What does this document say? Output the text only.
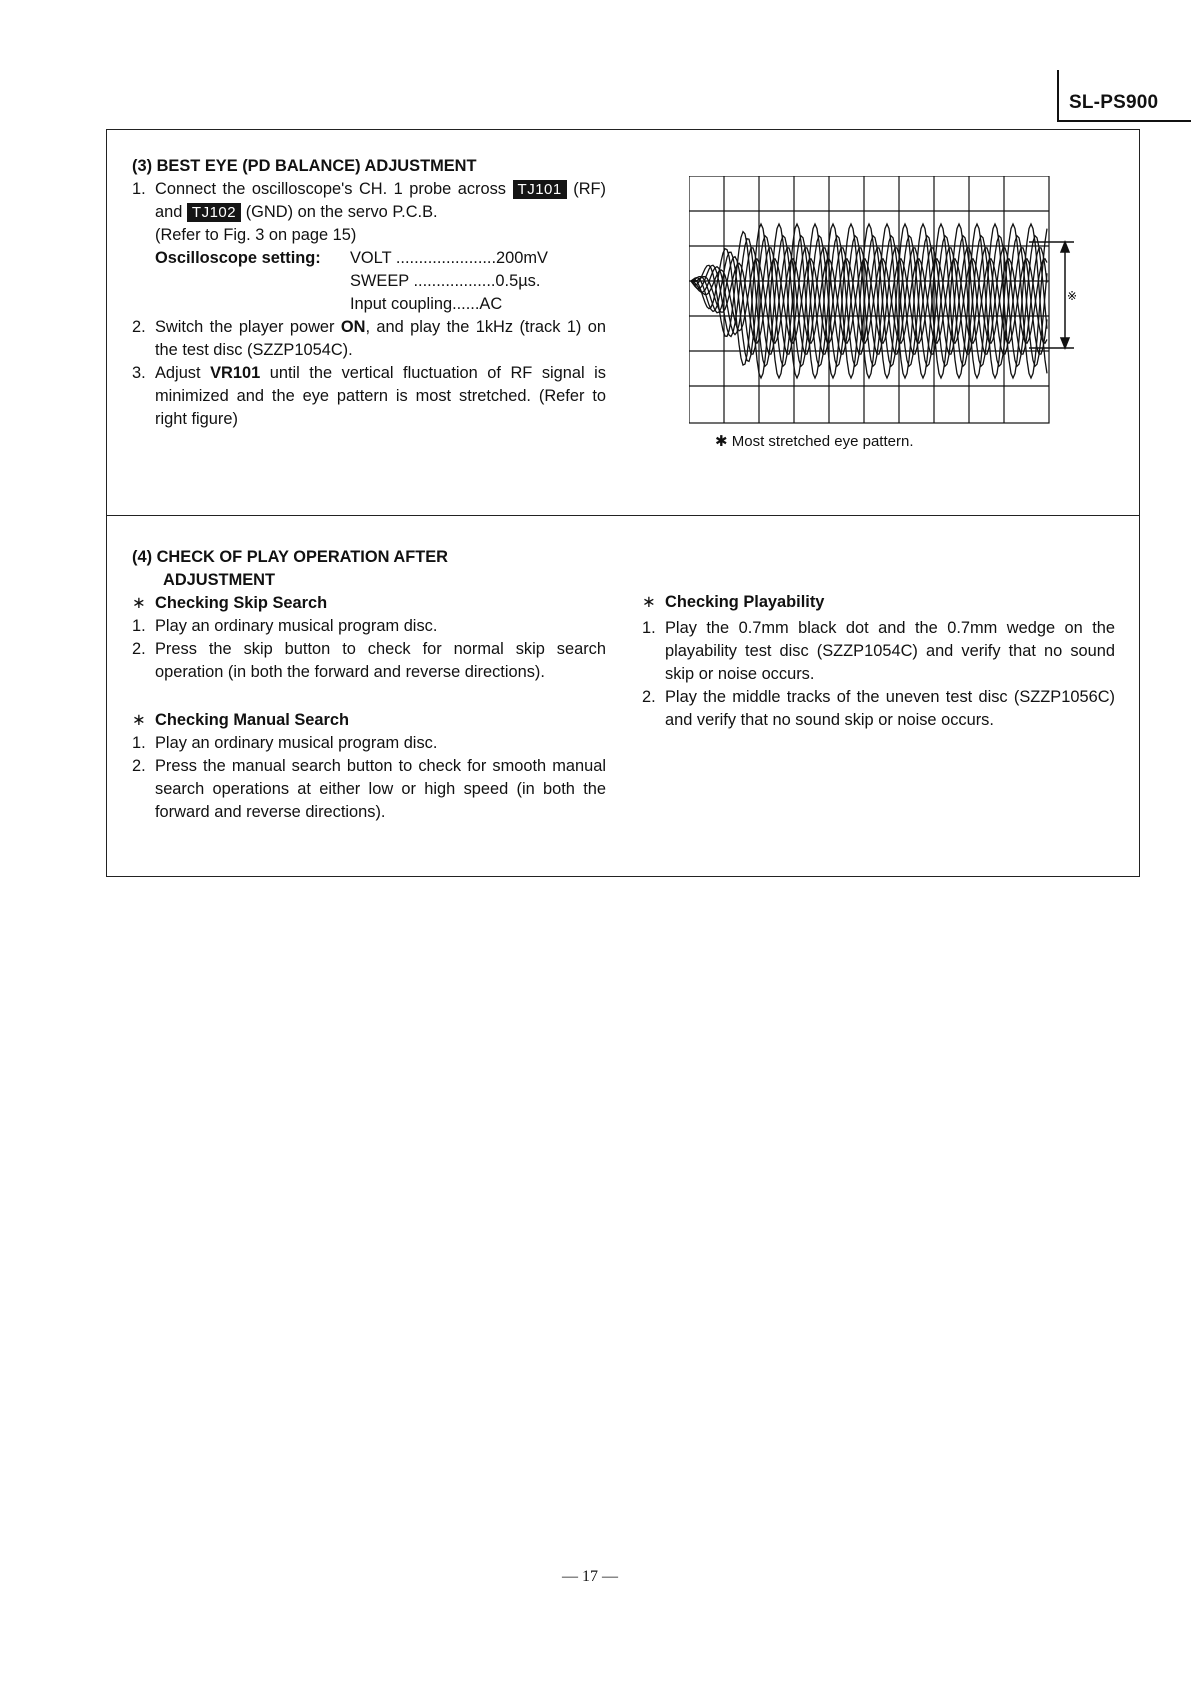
SL-PS900

(3) BEST EYE (PD BALANCE) ADJUSTMENT

1. Connect the oscilloscope's CH. 1 probe across TJ101 (RF) and TJ102 (GND) on the servo P.C.B.

(Refer to Fig. 3 on page 15)

Oscilloscope setting: VOLT ......................200mV
SWEEP ..................0.5µs.
Input coupling......AC
2. Switch the player power ON, and play the 1kHz (track 1) on the test disc (SZZP1054C).
3. Adjust VR101 until the vertical fluctuation of RF signal is minimized and the eye pattern is most stretched. (Refer to right figure)
※
✱ Most stretched eye pattern.

(4) CHECK OF PLAY OPERATION AFTER

ADJUSTMENT

∗ Checking Skip Search

1. Play an ordinary musical program disc.
2. Press the skip button to check for normal skip search operation (in both the forward and reverse directions).

∗ Checking Manual Search

1. Play an ordinary musical program disc.
2. Press the manual search button to check for smooth manual search operations at either low or high speed (in both the forward and reverse directions).

∗ Checking Playability

1. Play the 0.7mm black dot and the 0.7mm wedge on the playability test disc (SZZP1054C) and verify that no sound skip or noise occurs.
2. Play the middle tracks of the uneven test disc (SZZP1056C) and verify that no sound skip or noise occurs.
— 17 —
